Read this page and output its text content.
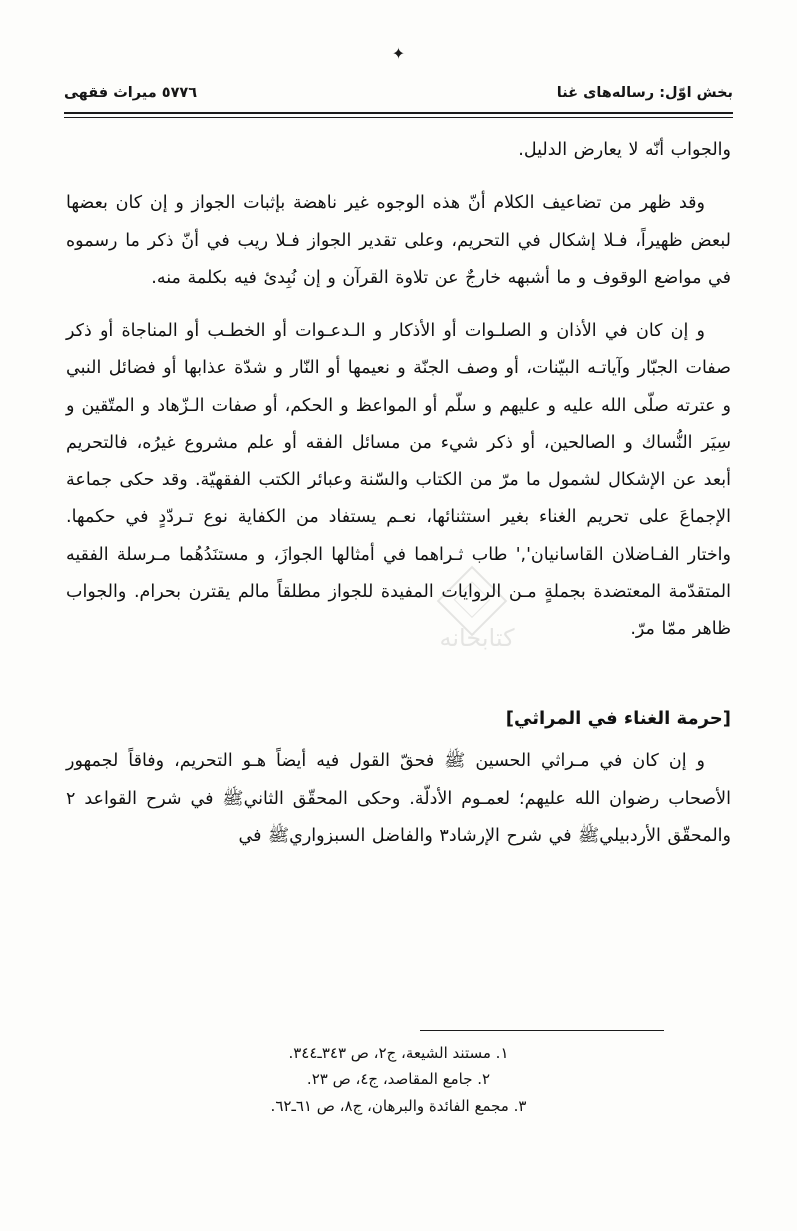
✦
بخش اوّل: رساله‌هاى غنا
٥٧٧٦ ميراث فقهى
كتابخانه

والجواب أنّه لا يعارض الدليل.

وقد ظهر من تضاعيف الكلام أنّ هذه الوجوه غير ناهضة بإثبات الجواز و إن كان بعضها لبعض ظهيراً، فـلا إشكال في التحريم، وعلى تقدير الجواز فـلا ريب في أنّ ذكر ما رسموه في مواضع الوقوف و ما أشبهه خارجٌ عن تلاوة القرآن و إن نُبِدئ فيه بكلمة منه.

و إن كان في الأذان و الصلـوات أو الأذكار و الـدعـوات أو الخطـب أو المناجاة أو ذكر صفات الجبّار وآياتـه البيّنات، أو وصف الجنّة و نعيمها أو النّار و شدّة عذابها أو فضائل النبي و عترته صلّى الله عليه و عليهم و سلّم أو المواعظ و الحكم، أو صفات الـزّهاد و المتّقين و سِيَر النُّساك و الصالحين، أو ذكر شيء من مسائل الفقه أو علم مشروع غيرُه، فالتحريم أبعد عن الإشكال لشمول ما مرّ من الكتاب والسّنة وعبائر الكتب الفقهيّة. وقد حكى جماعة الإجماعَ على تحريم الغناء بغير استثنائها، نعـم يستفاد من الكفاية نوع تـردّدٍ في حكمها. واختار الفـاضلان القاسانيان',' طاب ثـراهما في أمثالها الجوازَ، و مستنَدُهُما مـرسلة الفقيه المتقدّمة المعتضدة بجملةٍ مـن الروايات المفيدة للجواز مطلقاً مالم يقترن بحرام. والجواب ظاهر ممّا مرّ.

[حرمة الغناء في المراثي]

و إن كان في مـراثي الحسين ﷺ فحقّ القول فيه أيضاً هـو التحريم، وفاقاً لجمهور الأصحاب رضوان الله عليهم؛ لعمـوم الأدلّة. وحكى المحقّق الثانيﷺ في شرح القواعد ٢ والمحقّق الأردبيليﷺ في شرح الإرشاد٣ والفاضل السبزواريﷺ في

١. مستند الشيعة، ج٢، ص ٣٤٣ـ٣٤٤.

٢. جامع المقاصد، ج٤، ص ٢٣.

٣. مجمع الفائدة والبرهان، ج٨، ص ٦١ـ٦٢.
